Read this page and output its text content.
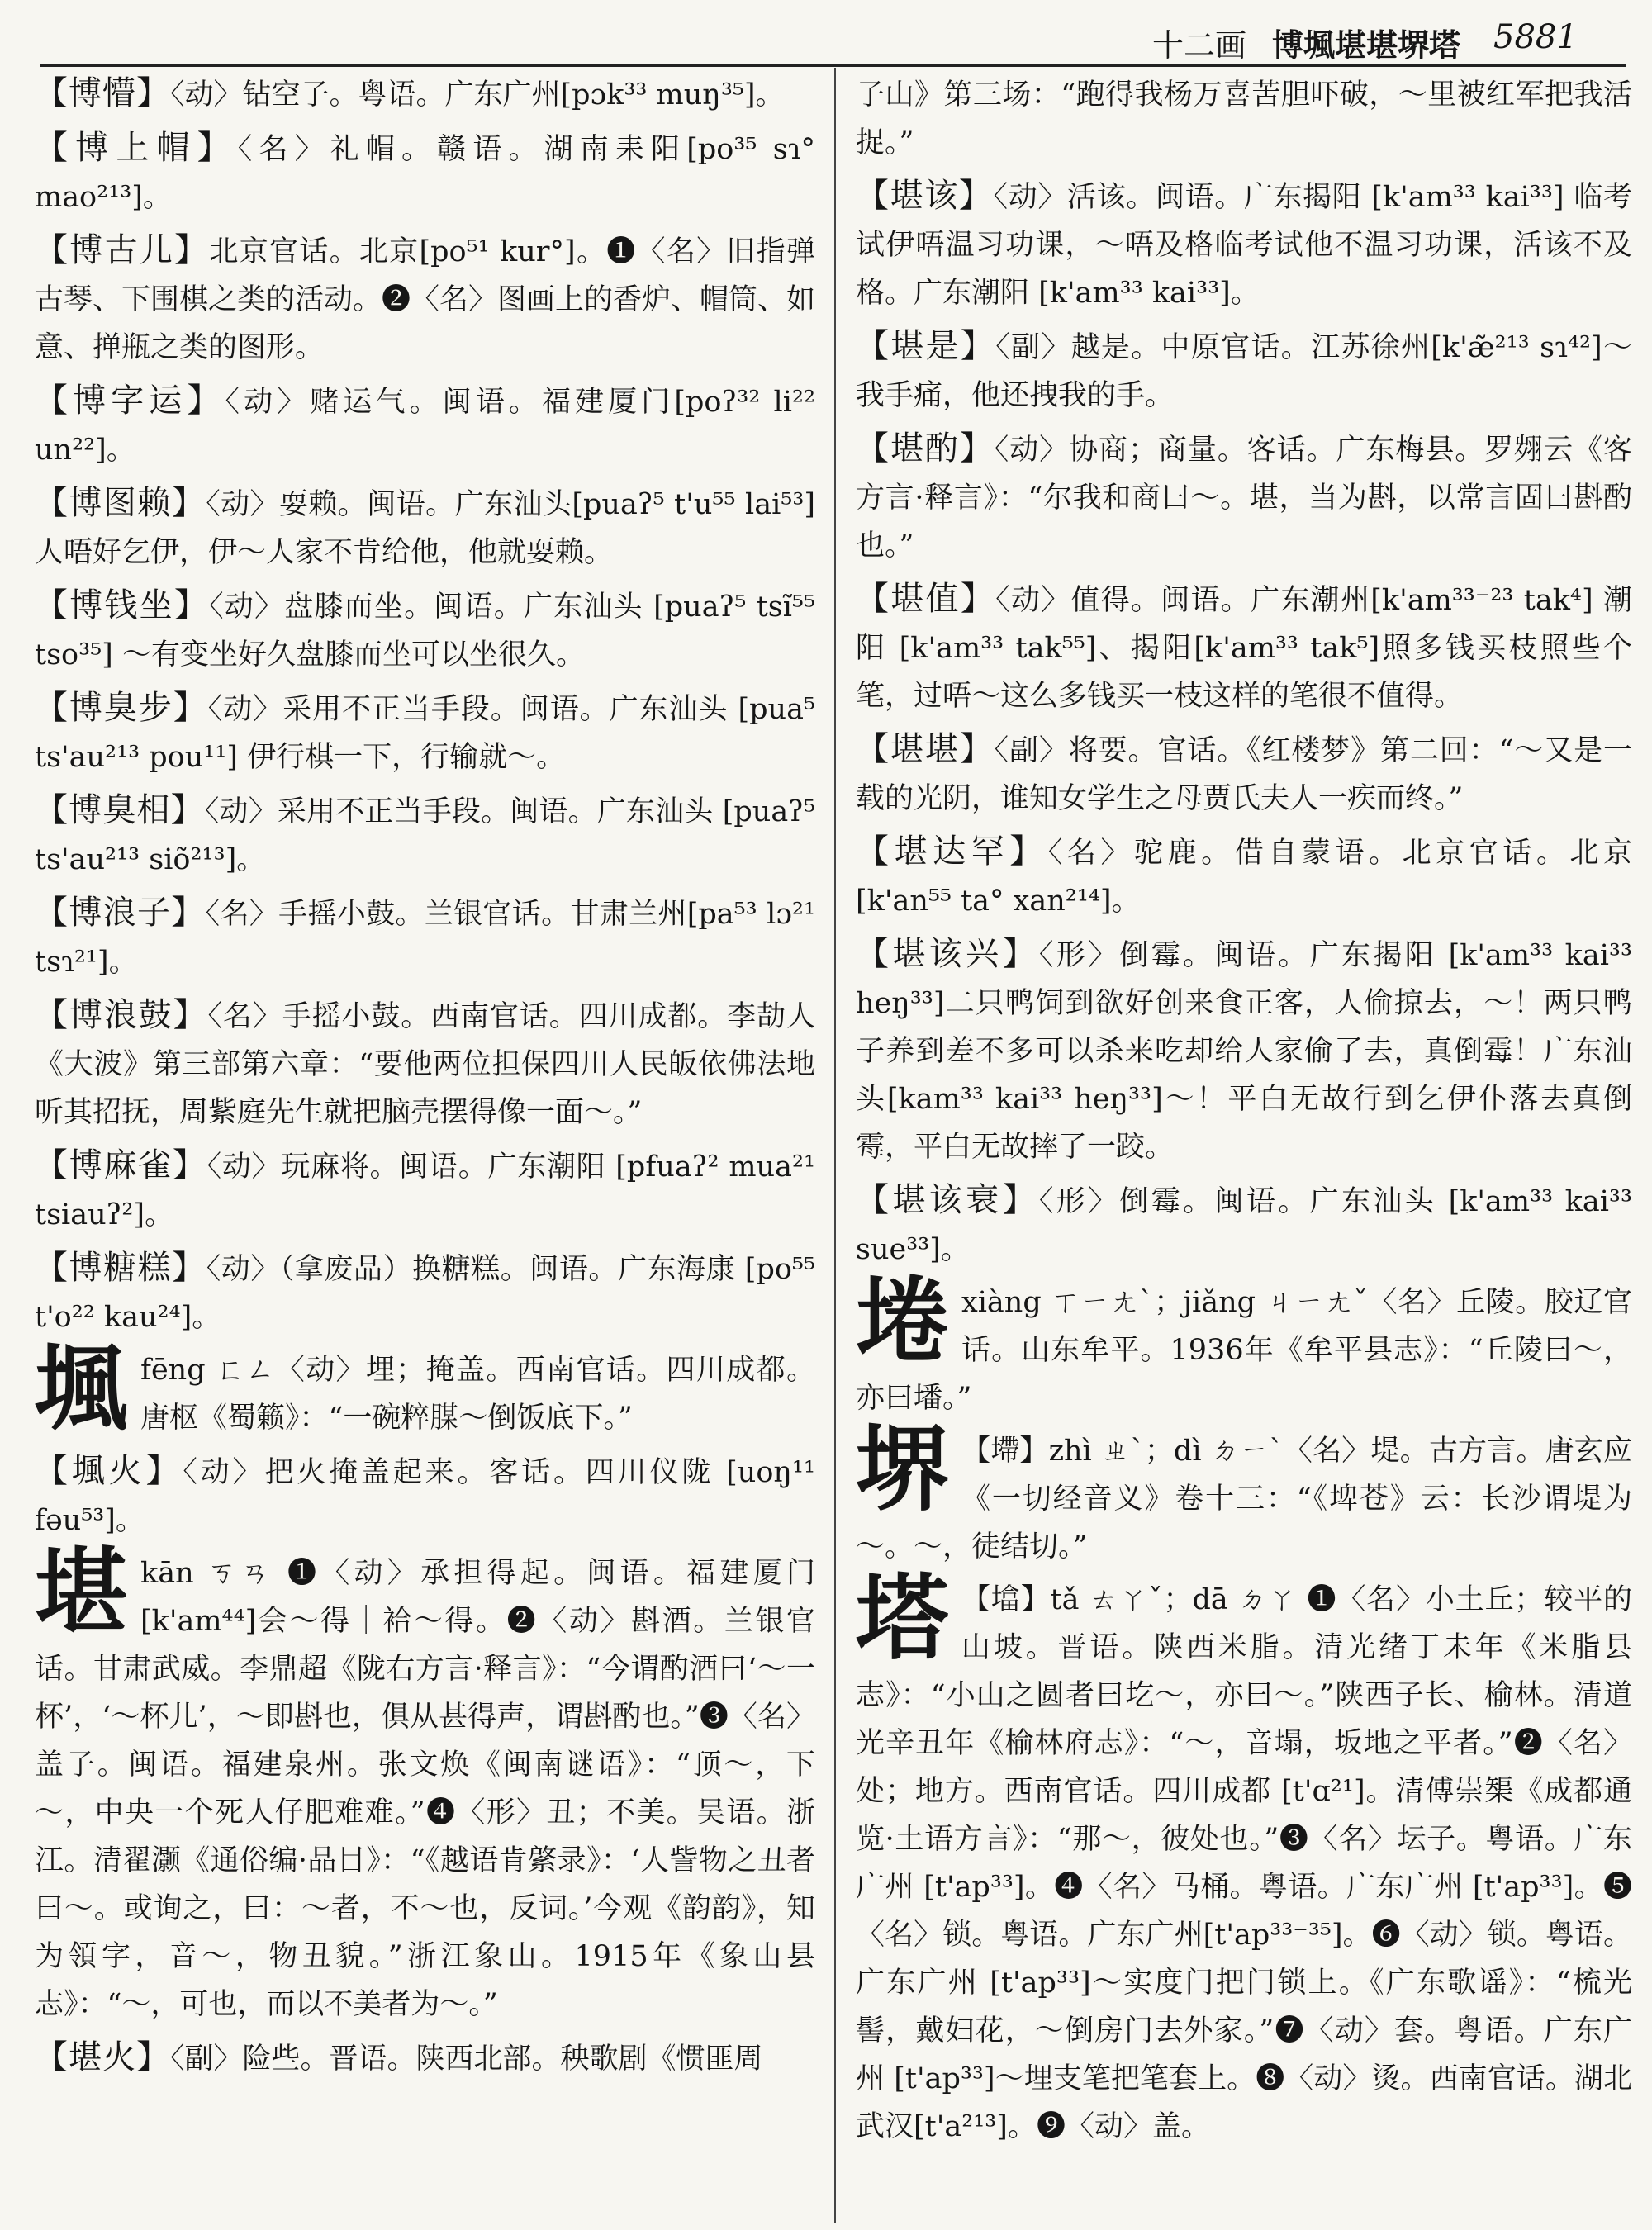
十二画 博堸堪堪堺塔 5881

【博懵】〈动〉钻空子。粤语。广东广州[pɔk³³ muŋ³⁵]。

【博上帽】〈名〉礼帽。赣语。湖南耒阳[po³⁵ sɿ° mao²¹³]。

【博古儿】北京官话。北京[po⁵¹ kur°]。❶〈名〉旧指弹古琴、下围棋之类的活动。❷〈名〉图画上的香炉、帽筒、如意、掸瓶之类的图形。

【博字运】〈动〉赌运气。闽语。福建厦门[poʔ³² li²² un²²]。

【博图赖】〈动〉耍赖。闽语。广东汕头[puaʔ⁵ t'u⁵⁵ lai⁵³] 人唔好乞伊，伊～人家不肯给他，他就耍赖。

【博钱坐】〈动〉盘膝而坐。闽语。广东汕头 [puaʔ⁵ tsĩ⁵⁵ tso³⁵] ～有变坐好久盘膝而坐可以坐很久。

【博臭步】〈动〉采用不正当手段。闽语。广东汕头 [pua⁵ ts'au²¹³ pou¹¹] 伊行棋一下，行输就～。

【博臭相】〈动〉采用不正当手段。闽语。广东汕头 [puaʔ⁵ ts'au²¹³ siõ²¹³]。

【博浪子】〈名〉手摇小鼓。兰银官话。甘肃兰州[pa⁵³ lɔ²¹ tsɿ²¹]。

【博浪鼓】〈名〉手摇小鼓。西南官话。四川成都。李劼人《大波》第三部第六章：“要他两位担保四川人民皈依佛法地听其招抚，周紫庭先生就把脑壳摆得像一面～。”

【博麻雀】〈动〉玩麻将。闽语。广东潮阳 [pfuaʔ² mua²¹ tsiauʔ²]。

【博糖糕】〈动〉（拿废品）换糖糕。闽语。广东海康 [po⁵⁵ t'o²² kau²⁴]。

堸fēng ㄈㄥ〈动〉埋；掩盖。西南官话。四川成都。唐枢《蜀籁》：“一碗粹腜～倒饭底下。”

【堸火】〈动〉把火掩盖起来。客话。四川仪陇 [uoŋ¹¹ fəu⁵³]。

堪kān ㄎㄢ ❶〈动〉承担得起。闽语。福建厦门[k'am⁴⁴]会～得｜袷～得。❷〈动〉斟酒。兰银官话。甘肃武威。李鼎超《陇右方言·释言》：“今谓酌酒曰‘～一杯’，‘～杯儿’，～即斟也，俱从甚得声，谓斟酌也。”❸〈名〉盖子。闽语。福建泉州。张文焕《闽南谜语》：“顶～，下～，中央一个死人仔肥难难。”❹〈形〉丑；不美。吴语。浙江。清翟灏《通俗编·品目》：“《越语肯綮录》：‘人訾物之丑者曰～。或询之，曰：～者，不～也，反词。’今观《韵韵》，知为領字，音～，物丑貌。”浙江象山。1915年《象山县志》：“～，可也，而以不美者为～。”

【堪火】〈副〉险些。晋语。陕西北部。秧歌剧《惯匪周

子山》第三场：“跑得我杨万喜苦胆吓破，～里被红军把我活捉。”

【堪该】〈动〉活该。闽语。广东揭阳 [k'am³³ kai³³] 临考试伊唔温习功课，～唔及格临考试他不温习功课，活该不及格。广东潮阳 [k'am³³ kai³³]。

【堪是】〈副〉越是。中原官话。江苏徐州[k'æ̃²¹³ sɿ⁴²]～我手痛，他还拽我的手。

【堪酌】〈动〉协商；商量。客话。广东梅县。罗翙云《客方言·释言》：“尔我和商曰～。堪，当为斟，以常言固曰斟酌也。”

【堪值】〈动〉值得。闽语。广东潮州[k'am³³⁻²³ tak⁴] 潮阳 [k'am³³ tak⁵⁵]、揭阳[k'am³³ tak⁵]照多钱买枝照些个笔，过唔～这么多钱买一枝这样的笔很不值得。

【堪堪】〈副〉将要。官话。《红楼梦》第二回：“～又是一载的光阴，谁知女学生之母贾氏夫人一疾而终。”

【堪达罕】〈名〉驼鹿。借自蒙语。北京官话。北京 [k'an⁵⁵ ta° xan²¹⁴]。

【堪该兴】〈形〉倒霉。闽语。广东揭阳 [k'am³³ kai³³ heŋ³³]二只鸭饲到欲好创来食正客，人偷掠去，～！两只鸭子养到差不多可以杀来吃却给人家偷了去，真倒霉！广东汕头[kam³³ kai³³ heŋ³³]～！平白无故行到乞伊仆落去真倒霉，平白无故摔了一跤。

【堪该衰】〈形〉倒霉。闽语。广东汕头 [k'am³³ kai³³ sue³³]。

埢xiàng ㄒㄧㄤˋ；jiǎng ㄐㄧㄤˇ〈名〉丘陵。胶辽官话。山东牟平。1936年《牟平县志》：“丘陵曰～，亦曰墦。”

堺 【墆】zhì ㄓˋ；dì ㄉㄧˋ〈名〉堤。古方言。唐玄应《一切经音义》卷十三：“《埤苍》云：长沙谓堤为～。～，徒结切。”

塔 【墖】tǎ ㄊㄚˇ；dā ㄉㄚ ❶〈名〉小土丘；较平的山坡。晋语。陕西米脂。清光绪丁未年《米脂县志》：“小山之圆者曰圪～，亦曰～。”陕西子长、榆林。清道光辛丑年《榆林府志》：“～，音塌，坂地之平者。”❷〈名〉处；地方。西南官话。四川成都 [t'ɑ²¹]。清傅崇榘《成都通览·土语方言》：“那～，彼处也。”❸〈名〉坛子。粤语。广东广州 [t'ap³³]。❹〈名〉马桶。粤语。广东广州 [t'ap³³]。❺〈名〉锁。粤语。广东广州[t'ap³³⁻³⁵]。❻〈动〉锁。粤语。广东广州 [t'ap³³]～实度门把门锁上。《广东歌谣》：“梳光髻，戴妇花，～倒房门去外家。”❼〈动〉套。粤语。广东广州 [t'ap³³]～埋支笔把笔套上。❽〈动〉烫。西南官话。湖北武汉[t'a²¹³]。❾〈动〉盖。
